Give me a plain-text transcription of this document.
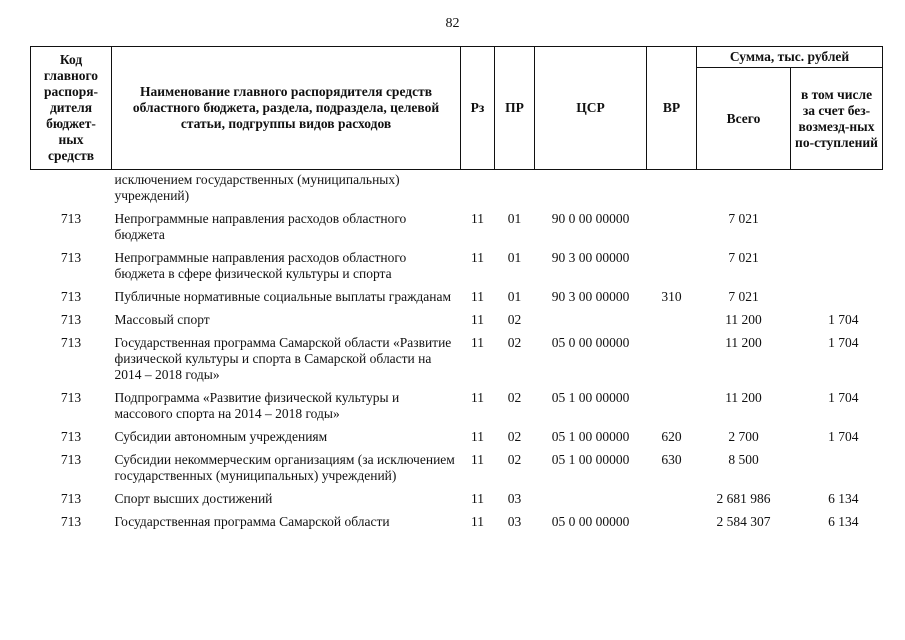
82
Код главного распоря-дителя бюджет-ных средств	Наименование главного распорядителя средств областного бюджета, раздела, подраздела, целевой статьи, подгруппы видов расходов	Рз	ПР	ЦСР	ВР	Сумма, тыс. рублей	
						Всего	в том числе за счет без-возмезд-ных по-ступлений
	исключением государственных (муниципальных) учреждений)						
713	Непрограммные направления расходов областного бюджета	11	01	90 0 00 00000		7 021	
713	Непрограммные направления расходов областного бюджета в сфере физической культуры и спорта	11	01	90 3 00 00000		7 021	
713	Публичные нормативные социальные выплаты гражданам	11	01	90 3 00 00000	310	7 021	
713	Массовый спорт	11	02			11 200	1 704
713	Государственная программа Самарской области «Развитие физической культуры и спорта в Самарской области на 2014 – 2018 годы»	11	02	05 0 00 00000		11 200	1 704
713	Подпрограмма «Развитие физической культуры и массового спорта на 2014 – 2018 годы»	11	02	05 1 00 00000		11 200	1 704
713	Субсидии автономным учреждениям	11	02	05 1 00 00000	620	2 700	1 704
713	Субсидии некоммерческим организациям (за исключением государственных (муниципальных) учреждений)	11	02	05 1 00 00000	630	8 500	
713	Спорт высших достижений	11	03			2 681 986	6 134
713	Государственная программа Самарской области	11	03	05 0 00 00000		2 584 307	6 134
